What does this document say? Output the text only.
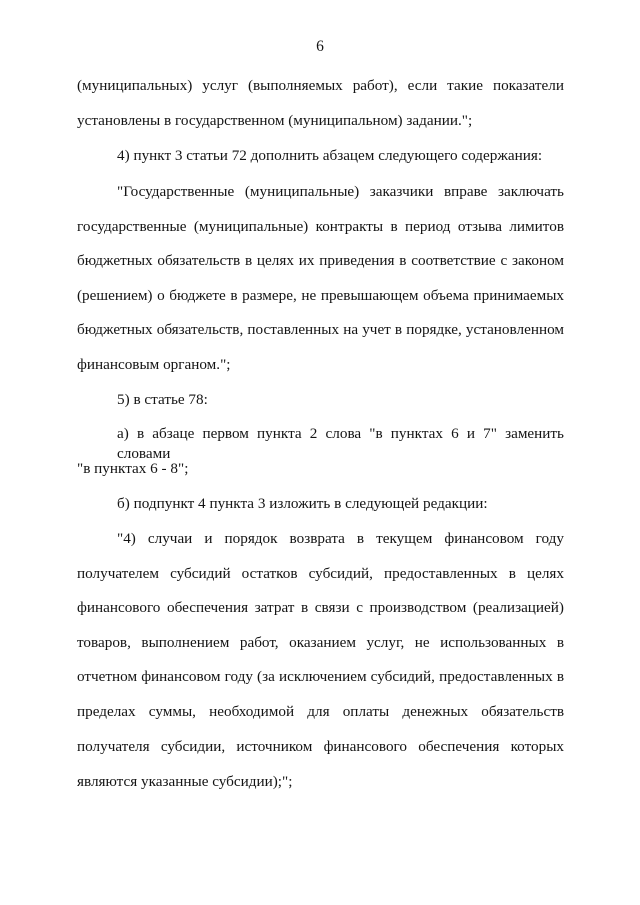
6
(муниципальных) услуг (выполняемых работ), если такие показатели
установлены в государственном (муниципальном) задании.";
4) пункт 3 статьи 72 дополнить абзацем следующего содержания:
"Государственные (муниципальные) заказчики вправе заключать
государственные (муниципальные) контракты в период отзыва лимитов
бюджетных обязательств в целях их приведения в соответствие с законом
(решением) о бюджете в размере, не превышающем объема принимаемых
бюджетных обязательств, поставленных на учет в порядке, установленном
финансовым органом.";
5) в статье 78:
а) в абзаце первом пункта 2 слова "в пунктах 6 и 7" заменить словами
"в пунктах 6 - 8";
б) подпункт 4 пункта 3 изложить в следующей редакции:
"4) случаи и порядок возврата в текущем финансовом году
получателем субсидий остатков субсидий, предоставленных в целях
финансового обеспечения затрат в связи с производством (реализацией)
товаров, выполнением работ, оказанием услуг, не использованных в
отчетном финансовом году (за исключением субсидий, предоставленных в
пределах суммы, необходимой для оплаты денежных обязательств
получателя субсидии, источником финансового обеспечения которых
являются указанные субсидии);";
